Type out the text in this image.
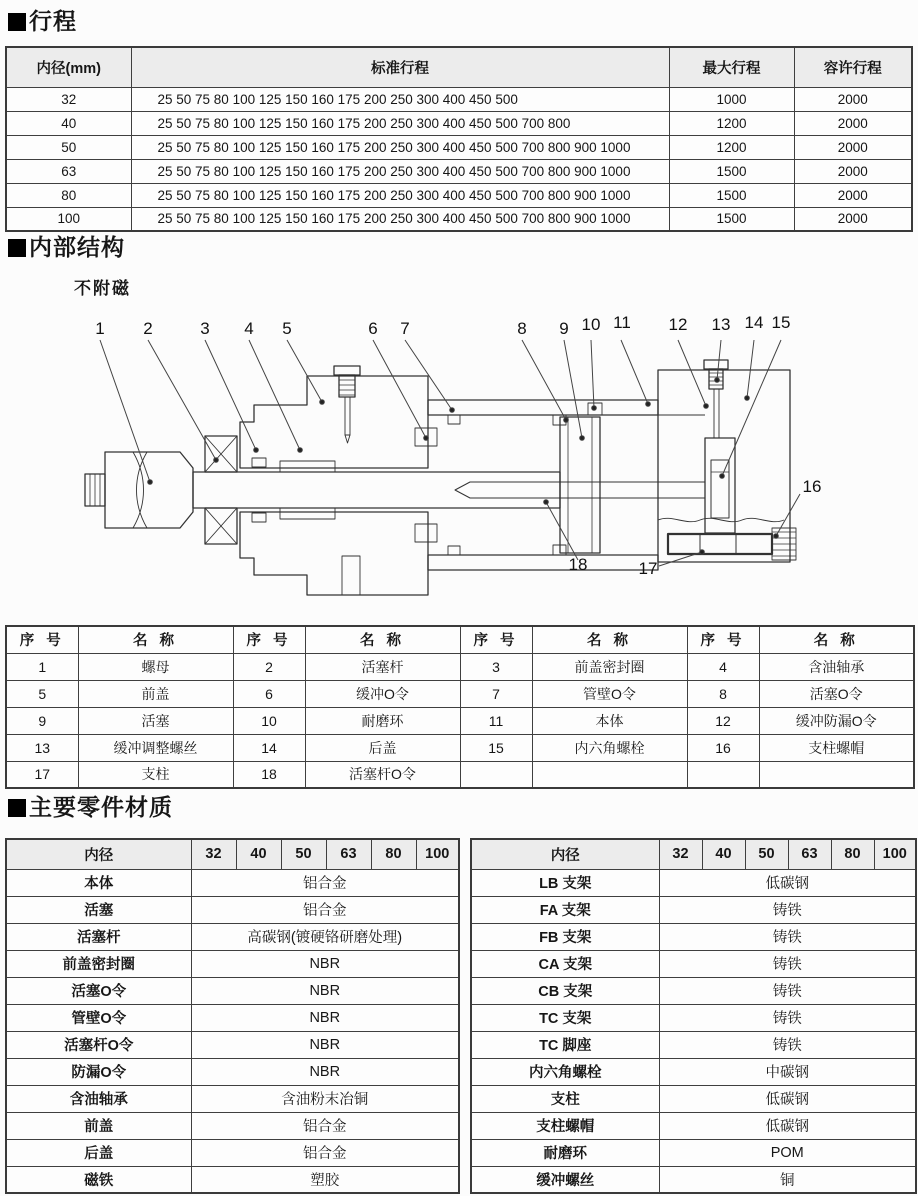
行程
内径(mm)	标准行程	最大行程	容许行程
32	25 50 75 80 100 125 150 160 175 200 250 300 400 450 500	1000	2000
40	25 50 75 80 100 125 150 160 175 200 250 300 400 450 500 700 800	1200	2000
50	25 50 75 80 100 125 150 160 175 200 250 300 400 450 500 700 800 900 1000	1200	2000
63	25 50 75 80 100 125 150 160 175 200 250 300 400 450 500 700 800 900 1000	1500	2000
80	25 50 75 80 100 125 150 160 175 200 250 300 400 450 500 700 800 900 1000	1500	2000
100	25 50 75 80 100 125 150 160 175 200 250 300 400 450 500 700 800 900 1000	1500	2000
内部结构
不附磁
1 2	3 4 5	6 7	8 9 10 11 12 13 14 15
16
17
18
序 号	名 称	序 号	名 称	序 号	名 称	序 号	名 称
1	螺母	2	活塞杆	3	前盖密封圈	4	含油轴承
5	前盖	6	缓冲O令	7	管壁O令	8	活塞O令
9	活塞	10	耐磨环	11	本体	12	缓冲防漏O令
13	缓冲调整螺丝	14	后盖	15	内六角螺栓	16	支柱螺帽
17	支柱	18	活塞杆O令				
主要零件材质
内径	32	40	50	63	80	100
本体	铝合金					
活塞	铝合金					
活塞杆	高碳钢(镀硬铬研磨处理)					
前盖密封圈	NBR					
活塞O令	NBR					
管壁O令	NBR					
活塞杆O令	NBR					
防漏O令	NBR					
含油轴承	含油粉末冶铜					
前盖	铝合金					
后盖	铝合金					
磁铁	塑胶					
内径	32	40	50	63	80	100
LB 支架	低碳钢					
FA 支架	铸铁					
FB 支架	铸铁					
CA 支架	铸铁					
CB 支架	铸铁					
TC 支架	铸铁					
TC 脚座	铸铁					
内六角螺栓	中碳钢					
支柱	低碳钢					
支柱螺帽	低碳钢					
耐磨环	POM					
缓冲螺丝	铜					
